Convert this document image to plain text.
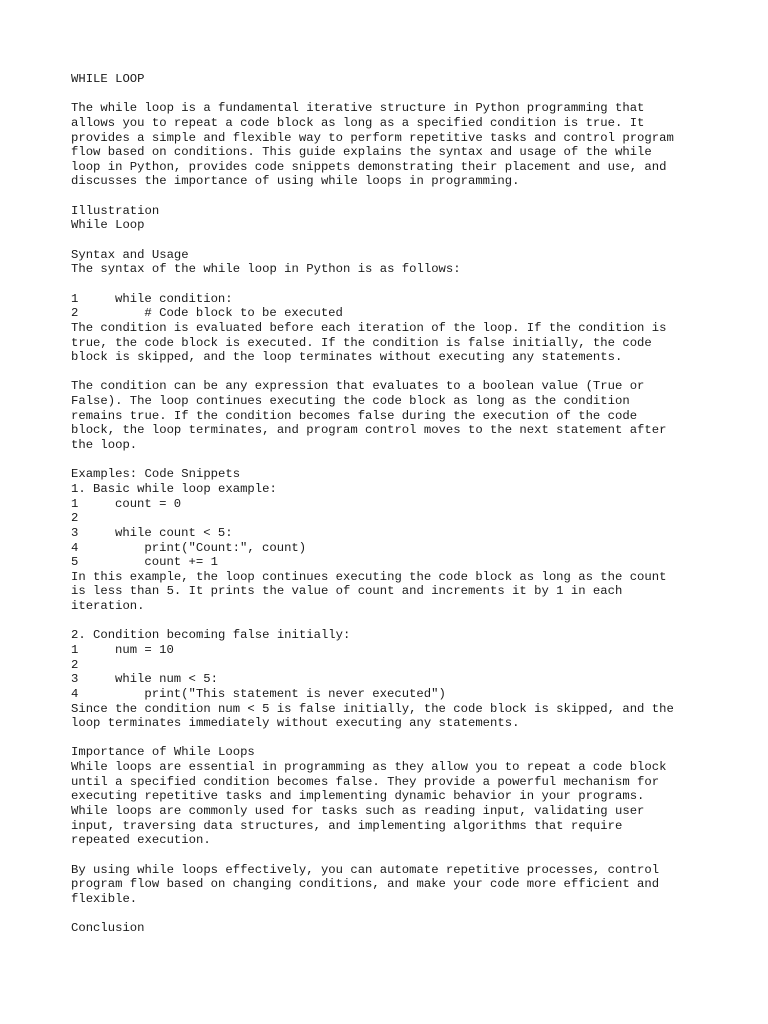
WHILE LOOP
The while loop is a fundamental iterative structure in Python programming that
allows you to repeat a code block as long as a specified condition is true. It
provides a simple and flexible way to perform repetitive tasks and control program
flow based on conditions. This guide explains the syntax and usage of the while
loop in Python, provides code snippets demonstrating their placement and use, and
discusses the importance of using while loops in programming.
Illustration
While Loop
Syntax and Usage
The syntax of the while loop in Python is as follows:
1	while condition:
2	# Code block to be executed
The condition is evaluated before each iteration of the loop. If the condition is
true, the code block is executed. If the condition is false initially, the code
block is skipped, and the loop terminates without executing any statements.
The condition can be any expression that evaluates to a boolean value (True or
False). The loop continues executing the code block as long as the condition
remains true. If the condition becomes false during the execution of the code
block, the loop terminates, and program control moves to the next statement after
the loop.
Examples: Code Snippets
1. Basic while loop example:
1	count = 0
2
3	while count < 5:
4	print("Count:", count)
5	count += 1
In this example, the loop continues executing the code block as long as the count
is less than 5. It prints the value of count and increments it by 1 in each
iteration.
2. Condition becoming false initially:
1	num = 10
2
3	while num < 5:
4	print("This statement is never executed")
Since the condition num < 5 is false initially, the code block is skipped, and the
loop terminates immediately without executing any statements.
Importance of While Loops
While loops are essential in programming as they allow you to repeat a code block
until a specified condition becomes false. They provide a powerful mechanism for
executing repetitive tasks and implementing dynamic behavior in your programs.
While loops are commonly used for tasks such as reading input, validating user
input, traversing data structures, and implementing algorithms that require
repeated execution.
By using while loops effectively, you can automate repetitive processes, control
program flow based on changing conditions, and make your code more efficient and
flexible.
Conclusion
